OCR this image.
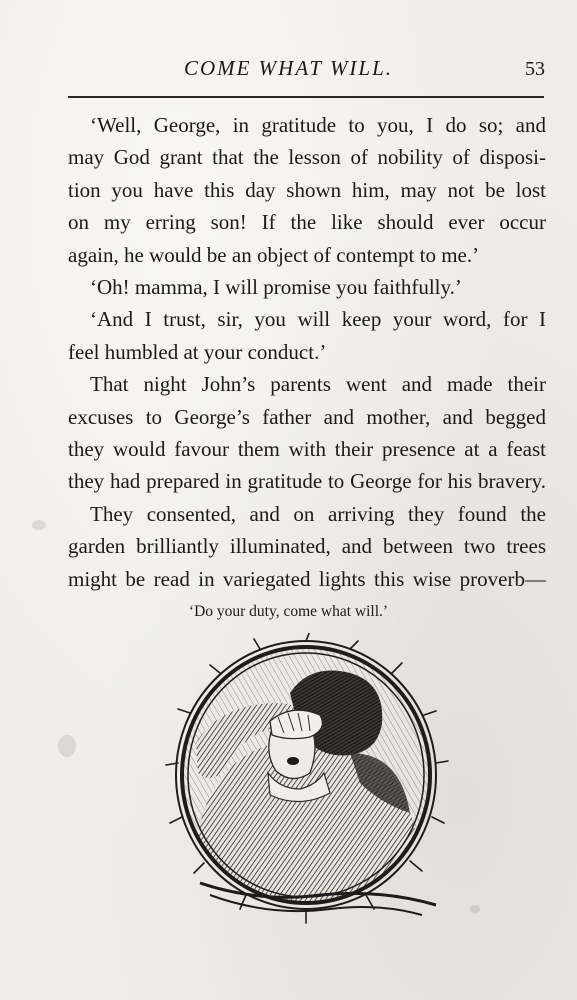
COME WHAT WILL.	53

‘Well, George, in gratitude to you, I do so; and
may God grant that the lesson of nobility of disposi-
tion you have this day shown him, may not be lost
on my erring son! If the like should ever occur
again, he would be an object of contempt to me.’

‘Oh! mamma, I will promise you faithfully.’

‘And I trust, sir, you will keep your word, for I
feel humbled at your conduct.’

That night John’s parents went and made their
excuses to George’s father and mother, and begged
they would favour them with their presence at a feast
they had prepared in gratitude to George for his bravery.

They consented, and on arriving they found the
garden brilliantly illuminated, and between two trees
might be read in variegated lights this wise proverb—

‘Do your duty, come what will.’
